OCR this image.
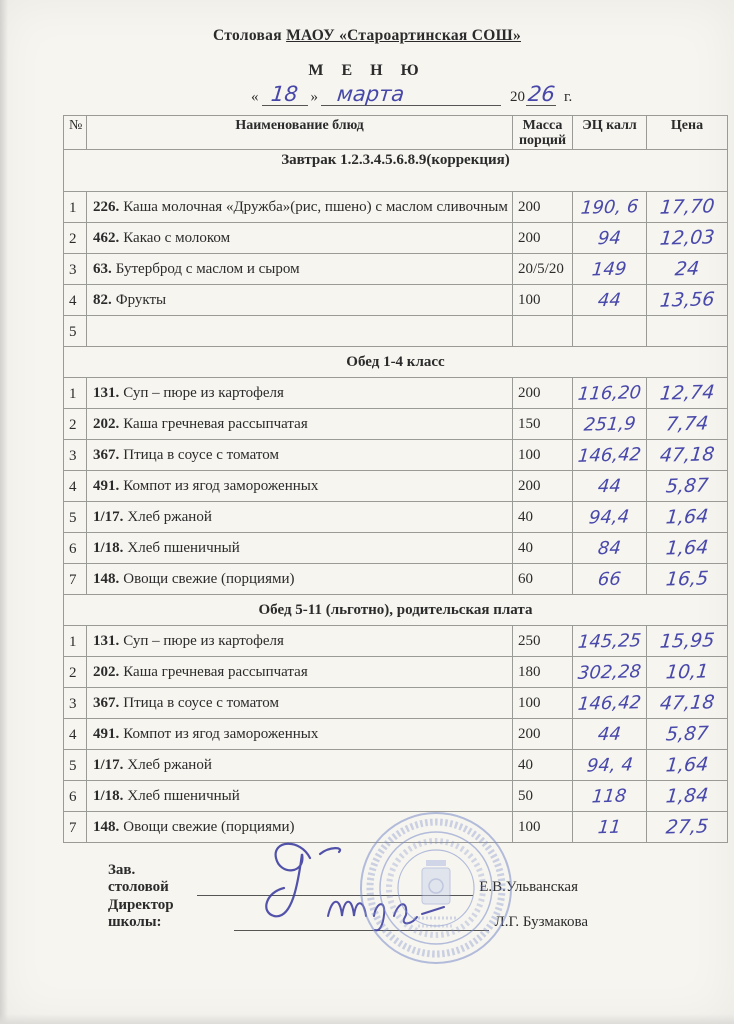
Столовая МАОУ «Староартинская СОШ»
М Е Н Ю
« 18 » марта	20 26 г.
№	Наименование блюд	Масса порций	ЭЦ калл	Цена
Завтрак 1.2.3.4.5.6.8.9(коррекция)				
1	226. Каша молочная «Дружба»(рис, пшено) с маслом сливочным	200	190, 6	17,70
2	462. Какао с молоком	200	94	12,03
3	63. Бутерброд с маслом и сыром	20/5/20	149	24
4	82. Фрукты	100	44	13,56
5				
Обед 1-4 класс				
1	131. Суп – пюре из картофеля	200	116,20	12,74
2	202. Каша гречневая рассыпчатая	150	251,9	7,74
3	367. Птица в соусе с томатом	100	146,42	47,18
4	491. Компот из ягод замороженных	200	44	5,87
5	1/17. Хлеб ржаной	40	94,4	1,64
6	1/18. Хлеб пшеничный	40	84	1,64
7	148. Овощи свежие (порциями)	60	66	16,5
Обед 5-11 (льготно), родительская плата				
1	131. Суп – пюре из картофеля	250	145,25	15,95
2	202. Каша гречневая рассыпчатая	180	302,28	10,1
3	367. Птица в соусе с томатом	100	146,42	47,18
4	491. Компот из ягод замороженных	200	44	5,87
5	1/17. Хлеб ржаной	40	94, 4	1,64
6	1/18. Хлеб пшеничный	50	118	1,84
7	148. Овощи свежие (порциями)	100	11	27,5
Зав. столовой	Е.В.Ульванская
Директор школы:	Л.Г. Бузмакова
